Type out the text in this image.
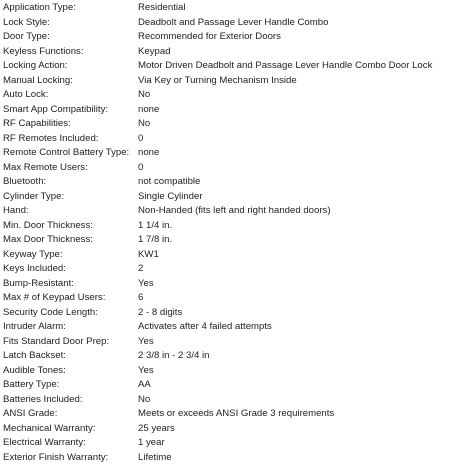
Application Type:	Residential
Lock Style:	Deadbolt and Passage Lever Handle Combo
Door Type:	Recommended for Exterior Doors
Keyless Functions:	Keypad
Locking Action:	Motor Driven Deadbolt and Passage Lever Handle Combo Door Lock
Manual Locking:	Via Key or Turning Mechanism Inside
Auto Lock:	No
Smart App Compatibility:	none
RF Capabilities:	No
RF Remotes Included:	0
Remote Control Battery Type:	none
Max Remote Users:	0
Bluetooth:	not compatible
Cylinder Type:	Single Cylinder
Hand:	Non-Handed (fits left and right handed doors)
Min. Door Thickness:	1 1/4 in.
Max Door Thickness:	1 7/8 in.
Keyway Type:	KW1
Keys Included:	2
Bump-Resistant:	Yes
Max # of Keypad Users:	6
Security Code Length:	2 - 8 digits
Intruder Alarm:	Activates after 4 failed attempts
Fits Standard Door Prep:	Yes
Latch Backset:	2 3/8 in - 2 3/4 in
Audible Tones:	Yes
Battery Type:	AA
Batteries Included:	No
ANSI Grade:	Meets or exceeds ANSI Grade 3 requirements
Mechanical Warranty:	25 years
Electrical Warranty:	1 year
Exterior Finish Warranty:	Lifetime
